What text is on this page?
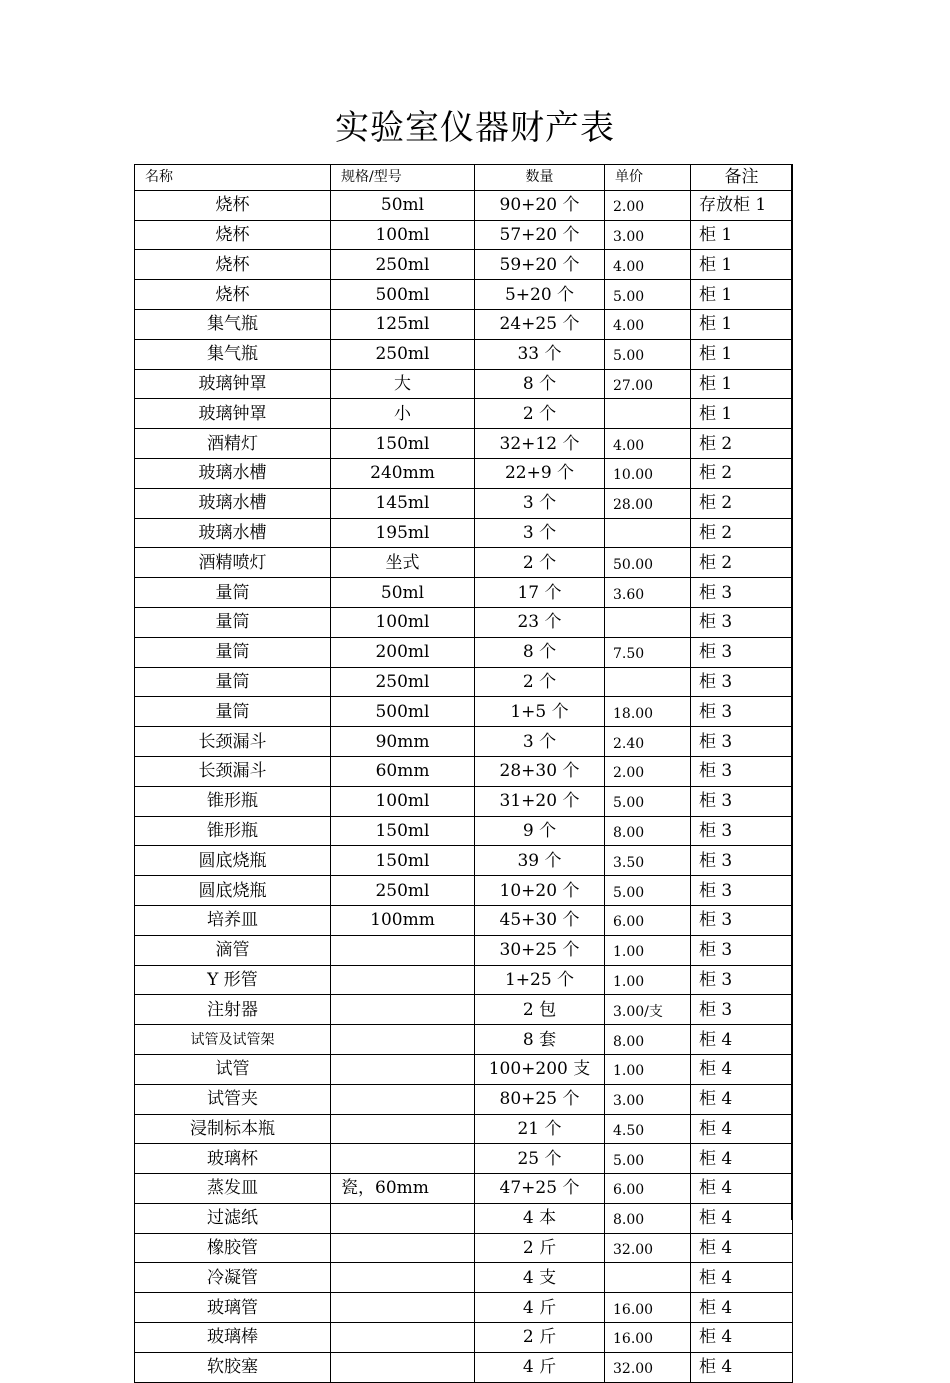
实验室仪器财产表
名称	规格/型号	数量	单价	备注
烧杯	50ml	90+20 个	2.00	存放柜 1
烧杯	100ml	57+20 个	3.00	柜 1
烧杯	250ml	59+20 个	4.00	柜 1
烧杯	500ml	5+20 个	5.00	柜 1
集气瓶	125ml	24+25 个	4.00	柜 1
集气瓶	250ml	33 个	5.00	柜 1
玻璃钟罩	大	8 个	27.00	柜 1
玻璃钟罩	小	2 个		柜 1
酒精灯	150ml	32+12 个	4.00	柜 2
玻璃水槽	240mm	22+9 个	10.00	柜 2
玻璃水槽	145ml	3 个	28.00	柜 2
玻璃水槽	195ml	3 个		柜 2
酒精喷灯	坐式	2 个	50.00	柜 2
量筒	50ml	17 个	3.60	柜 3
量筒	100ml	23 个		柜 3
量筒	200ml	8 个	7.50	柜 3
量筒	250ml	2 个		柜 3
量筒	500ml	1+5 个	18.00	柜 3
长颈漏斗	90mm	3 个	2.40	柜 3
长颈漏斗	60mm	28+30 个	2.00	柜 3
锥形瓶	100ml	31+20 个	5.00	柜 3
锥形瓶	150ml	9 个	8.00	柜 3
圆底烧瓶	150ml	39 个	3.50	柜 3
圆底烧瓶	250ml	10+20 个	5.00	柜 3
培养皿	100mm	45+30 个	6.00	柜 3
滴管		30+25 个	1.00	柜 3
Y 形管		1+25 个	1.00	柜 3
注射器		2 包	3.00/支	柜 3
试管及试管架		8 套	8.00	柜 4
试管		100+200 支	1.00	柜 4
试管夹		80+25 个	3.00	柜 4
浸制标本瓶		21 个	4.50	柜 4
玻璃杯		25 个	5.00	柜 4
蒸发皿	瓷，60mm	47+25 个	6.00	柜 4
过滤纸		4 本	8.00	柜 4
橡胶管		2 斤	32.00	柜 4
冷凝管		4 支		柜 4
玻璃管		4 斤	16.00	柜 4
玻璃棒		2 斤	16.00	柜 4
软胶塞		4 斤	32.00	柜 4
